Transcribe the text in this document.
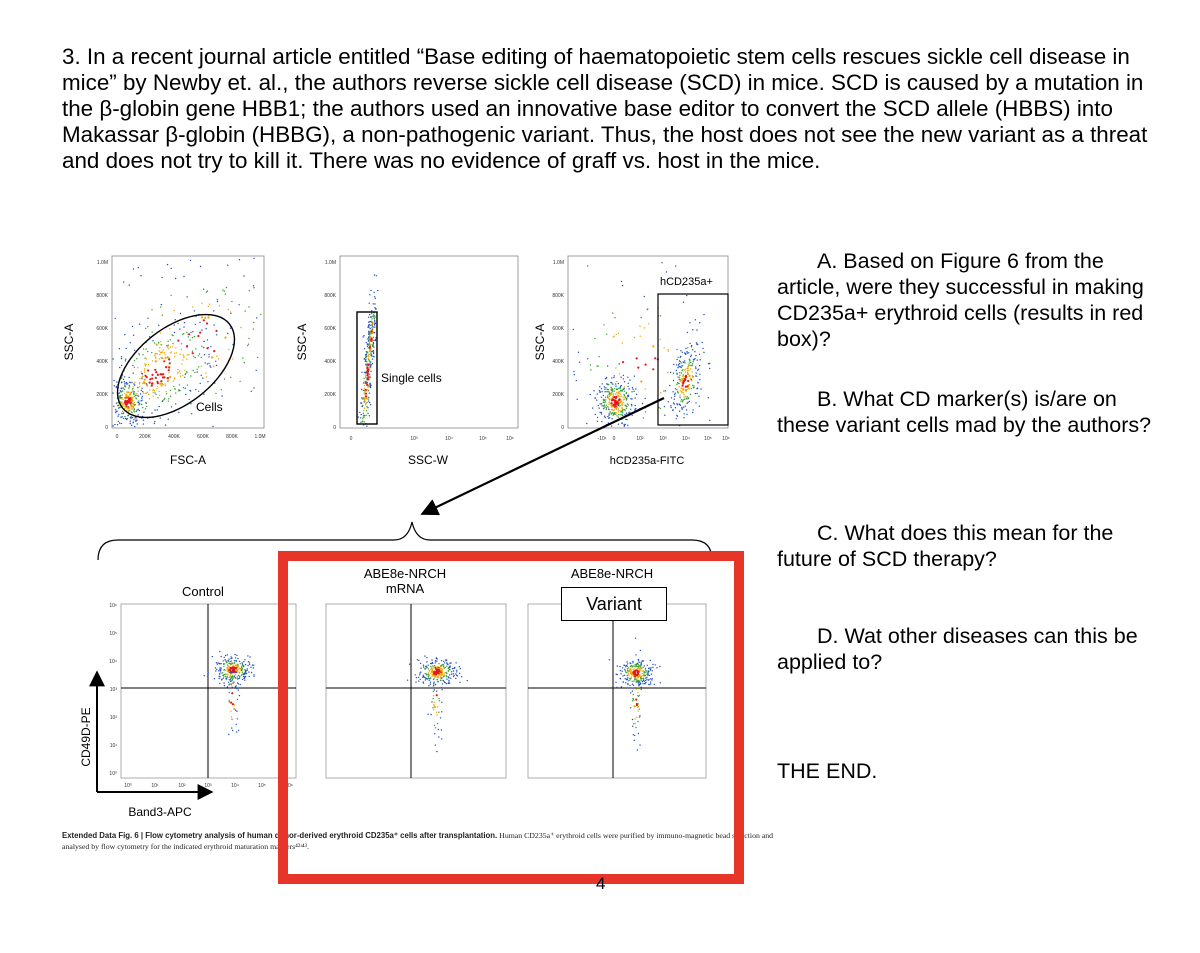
3. In a recent journal article entitled “Base editing of haematopoietic stem cells rescues sickle cell disease in mice” by Newby et. al., the authors reverse sickle cell disease (SCD) in mice. SCD is caused by a mutation in the β-globin gene HBB1; the authors used an innovative base editor to convert the SCD allele (HBBS) into Makassar β-globin (HBBG), a non-pathogenic variant. Thus, the host does not see the new variant as a threat and does not try to kill it. There was no evidence of graff vs. host in the mice.

Cells
SSC-A
FSC-A
1.0M
800K
600K
400K
200K
0
0	200K	400K	600K	800K	1.0M
Single cells
SSC-A
SSC-W
1.0M
800K
600K
400K
200K
0
0	10³	10⁴	10⁵	10⁶
hCD235a+
SSC-A
hCD235a-FITC
1.0M
800K
600K
400K
200K
0
-10¹ 0	10²	10³	10⁴	10⁵ 10⁶
Control
ABE8e-NRCH
mRNA
ABE8e-NRCH
10⁶
10⁵
10⁴
10³
10²
10¹
10⁰
10⁰	10¹	10²	10³	10⁴	10⁵	10⁶
CD49D-PE
Band3-APC
Extended Data Fig. 6 | Flow cytometry analysis of human donor-derived erythroid CD235a⁺ cells after transplantation. Human CD235a⁺ erythroid cells were purified by immuno-magnetic bead selection and analysed by flow cytometry for the indicated erythroid maturation markers⁴²ʴ⁴³.
Variant

A. Based on Figure 6 from the article, were they successful in making CD235a+ erythroid cells (results in red box)?

B. What CD marker(s) is/are on these variant cells mad by the authors?

C. What does this mean for the future of SCD therapy?

D. Wat other diseases can this be applied to?

THE END.

4
